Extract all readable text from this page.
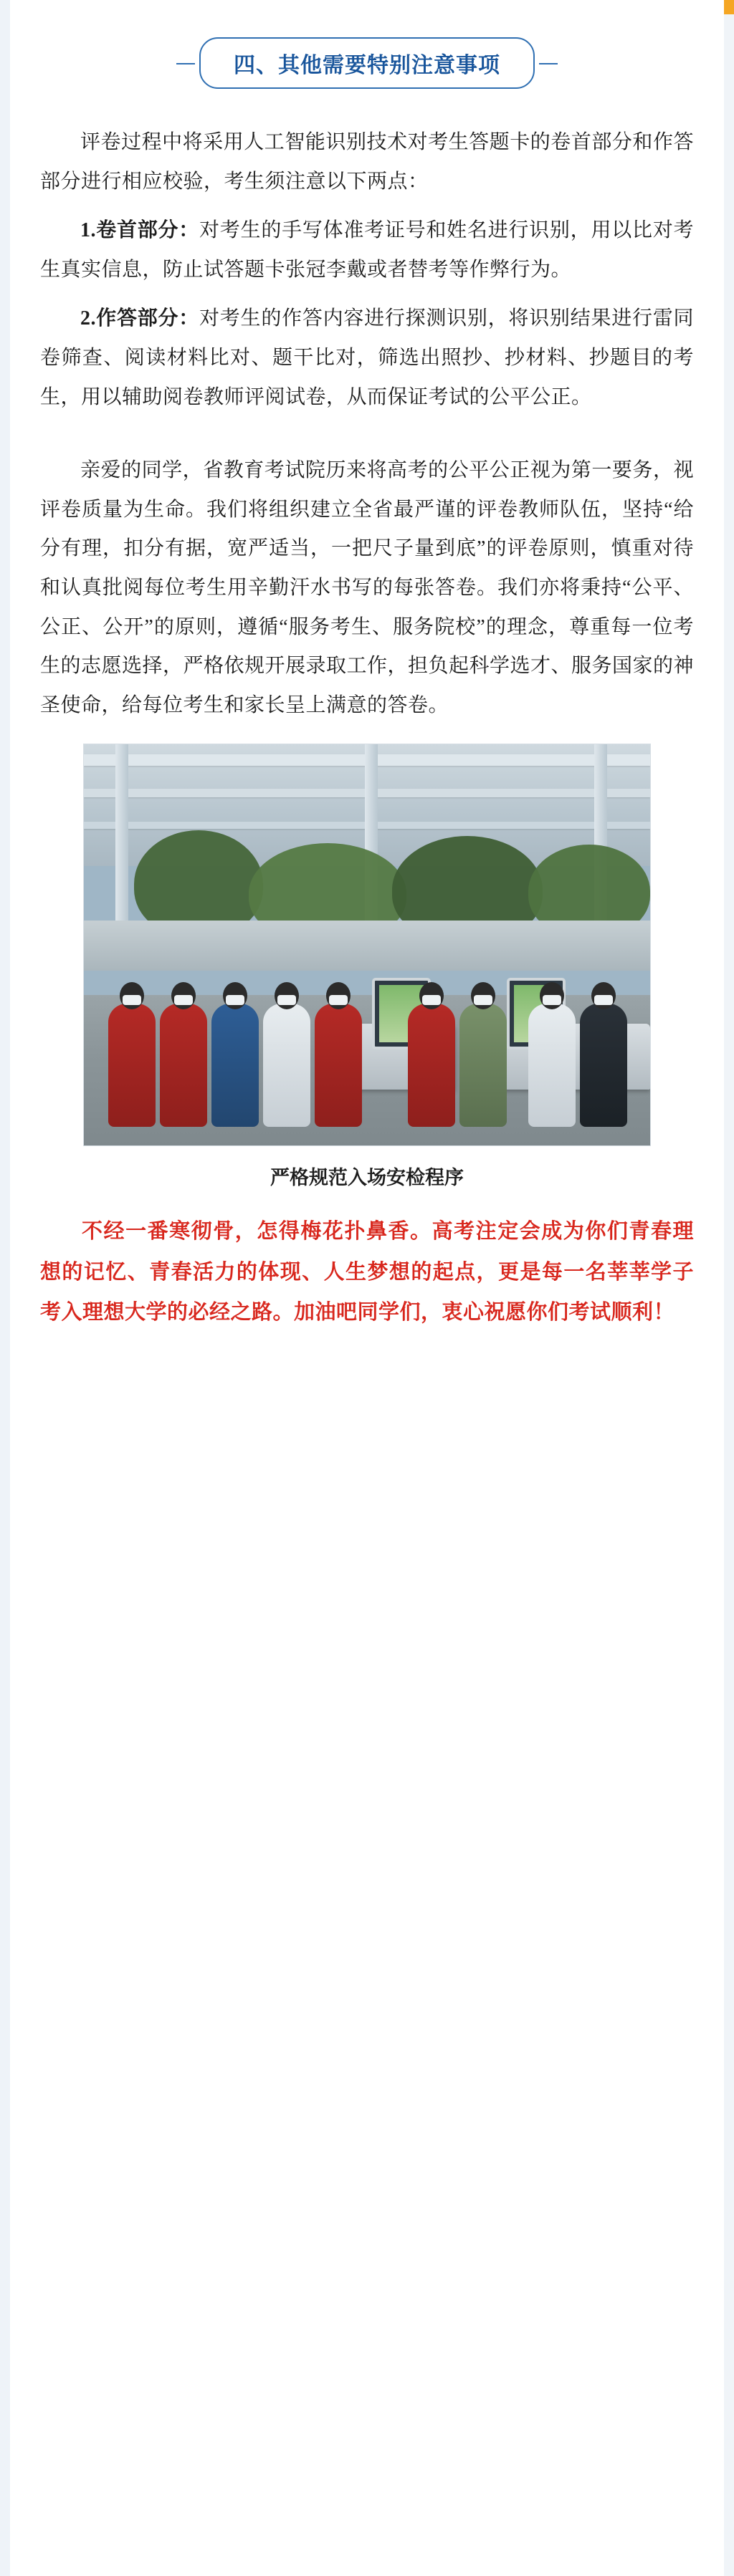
四、其他需要特别注意事项

评卷过程中将采用人工智能识别技术对考生答题卡的卷首部分和作答部分进行相应校验，考生须注意以下两点：

1.卷首部分：对考生的手写体准考证号和姓名进行识别，用以比对考生真实信息，防止试答题卡张冠李戴或者替考等作弊行为。

2.作答部分：对考生的作答内容进行探测识别，将识别结果进行雷同卷筛查、阅读材料比对、题干比对，筛选出照抄、抄材料、抄题目的考生，用以辅助阅卷教师评阅试卷，从而保证考试的公平公正。

亲爱的同学，省教育考试院历来将高考的公平公正视为第一要务，视评卷质量为生命。我们将组织建立全省最严谨的评卷教师队伍，坚持“给分有理，扣分有据，宽严适当，一把尺子量到底”的评卷原则，慎重对待和认真批阅每位考生用辛勤汗水书写的每张答卷。我们亦将秉持“公平、公正、公开”的原则，遵循“服务考生、服务院校”的理念，尊重每一位考生的志愿选择，严格依规开展录取工作，担负起科学选才、服务国家的神圣使命，给每位考生和家长呈上满意的答卷。

严格规范入场安检程序

不经一番寒彻骨，怎得梅花扑鼻香。高考注定会成为你们青春理想的记忆、青春活力的体现、人生梦想的起点，更是每一名莘莘学子考入理想大学的必经之路。加油吧同学们，衷心祝愿你们考试顺利！
